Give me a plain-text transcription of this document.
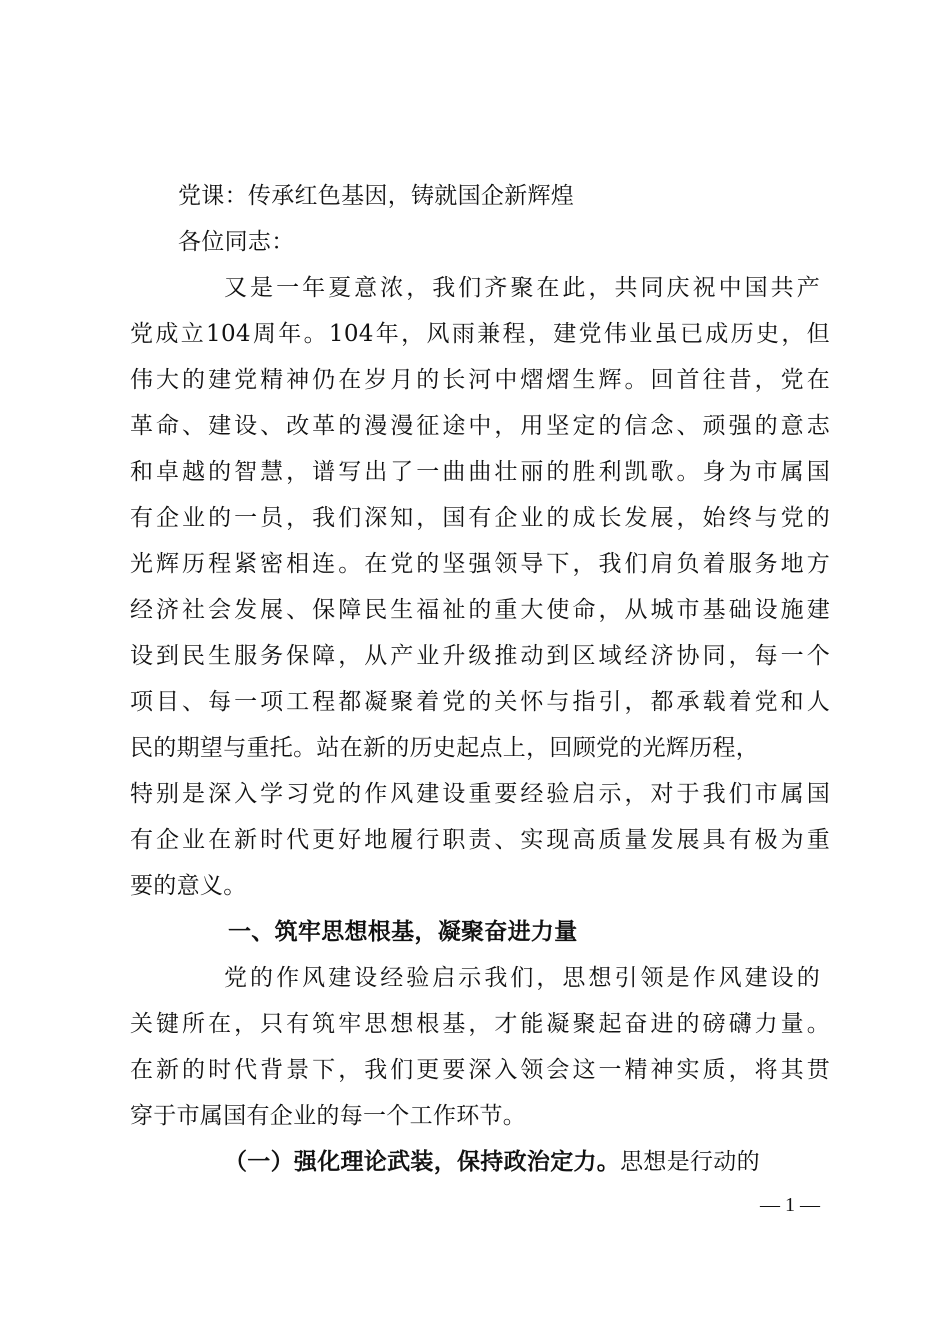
党课：传承红色基因，铸就国企新辉煌
各位同志：
又是一年夏意浓，我们齐聚在此，共同庆祝中国共产
党成立104周年。104年，风雨兼程，建党伟业虽已成历史，但
伟大的建党精神仍在岁月的长河中熠熠生辉。回首往昔，党在
革命、建设、改革的漫漫征途中，用坚定的信念、顽强的意志
和卓越的智慧，谱写出了一曲曲壮丽的胜利凯歌。身为市属国
有企业的一员，我们深知，国有企业的成长发展，始终与党的
光辉历程紧密相连。在党的坚强领导下，我们肩负着服务地方
经济社会发展、保障民生福祉的重大使命，从城市基础设施建
设到民生服务保障，从产业升级推动到区域经济协同，每一个
项目、每一项工程都凝聚着党的关怀与指引，都承载着党和人
民的期望与重托。站在新的历史起点上，回顾党的光辉历程，
特别是深入学习党的作风建设重要经验启示，对于我们市属国
有企业在新时代更好地履行职责、实现高质量发展具有极为重
要的意义。
一、筑牢思想根基，凝聚奋进力量
党的作风建设经验启示我们，思想引领是作风建设的
关键所在，只有筑牢思想根基，才能凝聚起奋进的磅礴力量。
在新的时代背景下，我们更要深入领会这一精神实质，将其贯
穿于市属国有企业的每一个工作环节。
（一）强化理论武装，保持政治定力。思想是行动的
— 1 —
